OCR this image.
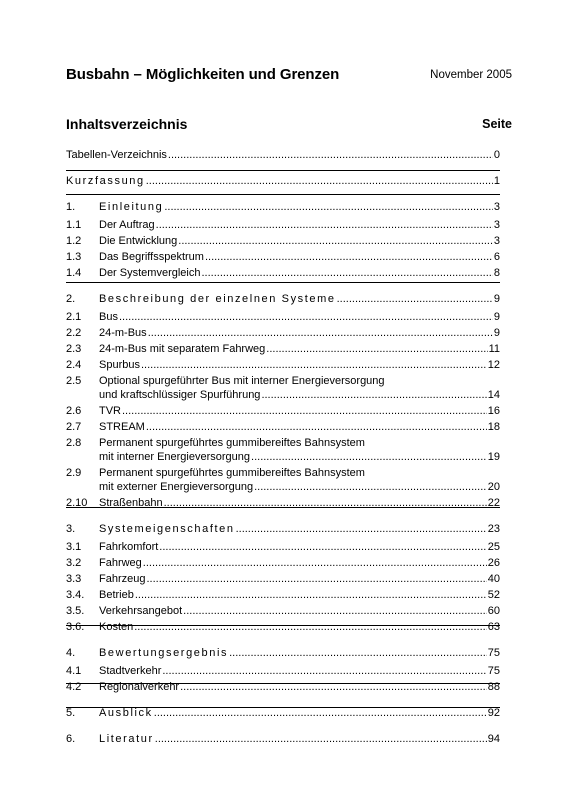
Busbahn – Möglichkeiten und Grenzen	November 2005
Inhaltsverzeichnis	Seite
Tabellen-Verzeichnis .....	0
Kurzfassung .....	1
1.	Einleitung .....	3
1.1	Der Auftrag .....	3
1.2	Die Entwicklung .....	3
1.3	Das Begriffsspektrum .....	6
1.4	Der Systemvergleich .....	8
2.	Beschreibung der einzelnen Systeme .....	9
2.1	Bus .....	9
2.2	24-m-Bus .....	9
2.3	24-m-Bus mit separatem Fahrweg .....	11
2.4	Spurbus .....	12
2.5	Optional spurgeführter Bus mit interner Energieversorgung
und kraftschlüssiger Spurführung .....	14
2.6	TVR .....	16
2.7	STREAM .....	18
2.8	Permanent spurgeführtes gummibereiftes Bahnsystem
mit interner Energieversorgung .....	19
2.9	Permanent spurgeführtes gummibereiftes Bahnsystem
mit externer Energieversorgung .....	20
2.10	Straßenbahn .....	22
3.	Systemeigenschaften .....	23
3.1	Fahrkomfort .....	25
3.2	Fahrweg .....	26
3.3	Fahrzeug .....	40
3.4.	Betrieb .....	52
3.5.	Verkehrsangebot .....	60
3.6.	Kosten .....	63
4.	Bewertungsergebnis .....	75
4.1	Stadtverkehr .....	75
4.2	Regionalverkehr .....	88
5.	Ausblick .....	92
6.	Literatur .....	94
